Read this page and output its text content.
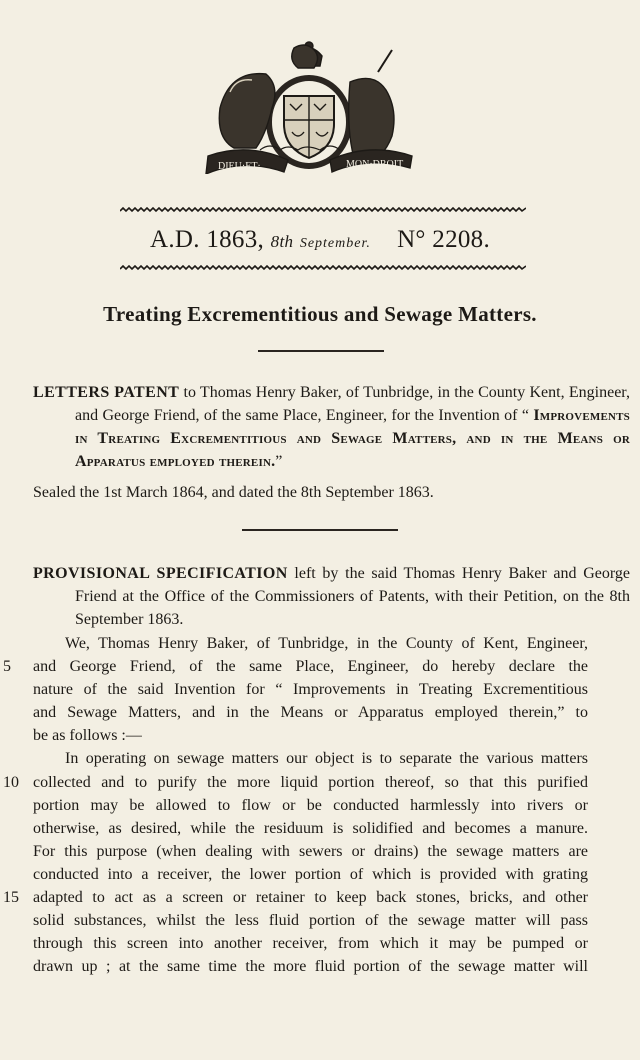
DIEU·ET·	MON·DROIT
A.D. 1863, 8th September. N° 2208.
Treating Excrementitious and Sewage Matters.

LETTERS PATENT to Thomas Henry Baker, of Tunbridge, in the County Kent, Engineer, and George Friend, of the same Place, Engineer, for the Invention of “ Improvements in Treating Excrementitious and Sewage Matters, and in the Means or Apparatus employed therein.”

Sealed the 1st March 1864, and dated the 8th September 1863.

PROVISIONAL SPECIFICATION left by the said Thomas Henry Baker and George Friend at the Office of the Commissioners of Patents, with their Petition, on the 8th September 1863.

We, Thomas Henry Baker, of Tunbridge, in the County of Kent, Engineer,
5	and George Friend, of the same Place, Engineer, do hereby declare the
nature of the said Invention for “ Improvements in Treating Excrementitious
and Sewage Matters, and in the Means or Apparatus employed therein,” to
be as follows :—
In operating on sewage matters our object is to separate the various matters
10 collected and to purify the more liquid portion thereof, so that this purified
portion may be allowed to flow or be conducted harmlessly into rivers or
otherwise, as desired, while the residuum is solidified and becomes a manure.
For this purpose (when dealing with sewers or drains) the sewage matters are
conducted into a receiver, the lower portion of which is provided with grating
15 adapted to act as a screen or retainer to keep back stones, bricks, and other
solid substances, whilst the less fluid portion of the sewage matter will pass
through this screen into another receiver, from which it may be pumped or
drawn up ; at the same time the more fluid portion of the sewage matter will
